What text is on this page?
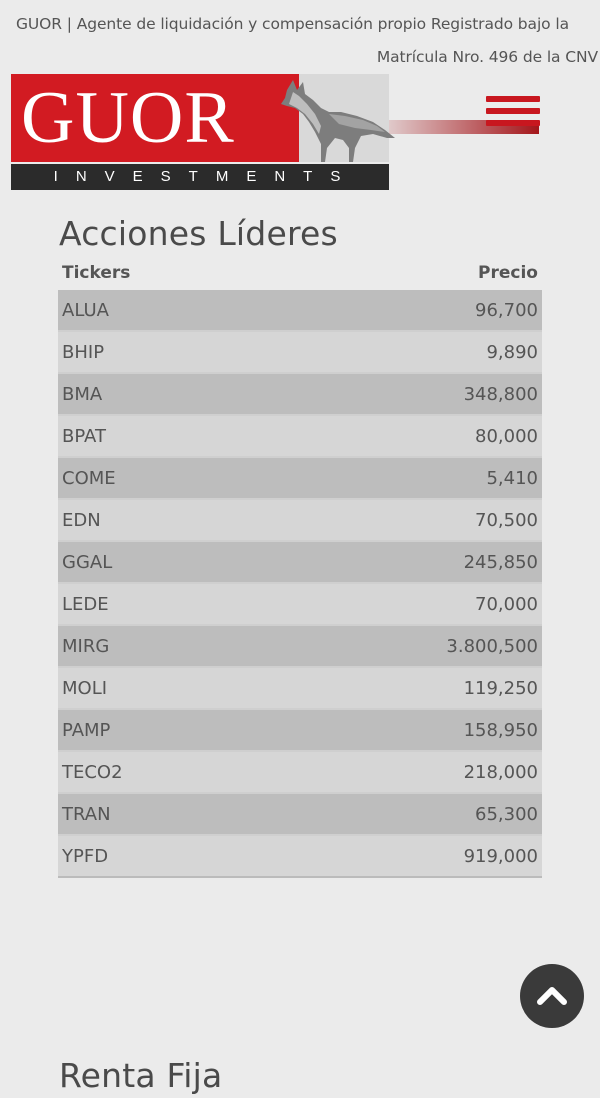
GUOR | Agente de liquidación y compensación propio Registrado bajo la
Matrícula Nro. 496 de la CNV
GUOR
INVESTMENTS
Acciones Líderes
Tickers	Precio
ALUA	96,700
BHIP	9,890
BMA	348,800
BPAT	80,000
COME	5,410
EDN	70,500
GGAL	245,850
LEDE	70,000
MIRG	3.800,500
MOLI	119,250
PAMP	158,950
TECO2	218,000
TRAN	65,300
YPFD	919,000
Renta Fija
